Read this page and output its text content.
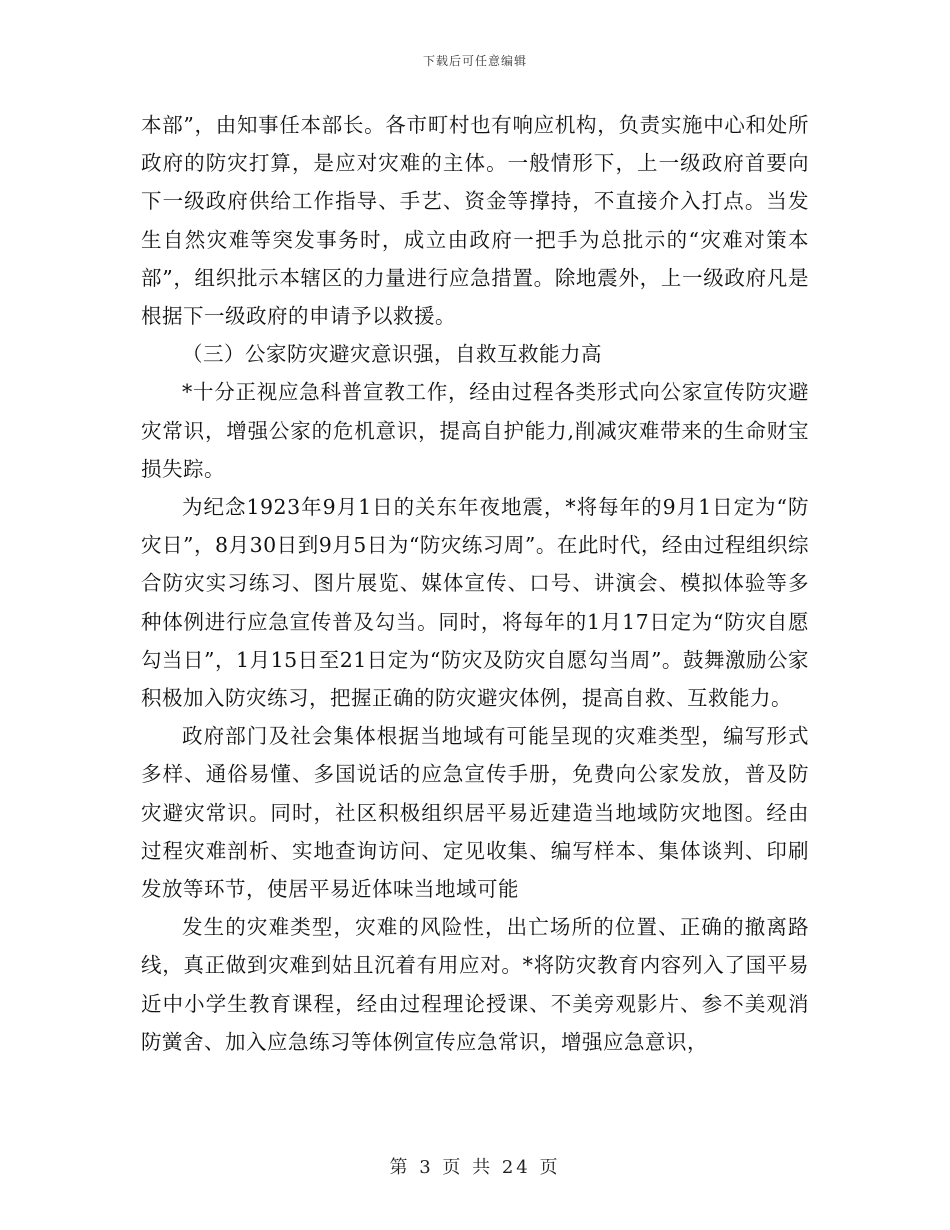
下载后可任意编辑

本部”，由知事任本部长。各市町村也有响应机构，负责实施中心和处所政府的防灾打算，是应对灾难的主体。一般情形下，上一级政府首要向下一级政府供给工作指导、手艺、资金等撑持，不直接介入打点。当发生自然灾难等突发事务时，成立由政府一把手为总批示的“灾难对策本部”，组织批示本辖区的力量进行应急措置。除地震外，上一级政府凡是根据下一级政府的申请予以救援。

（三）公家防灾避灾意识强，自救互救能力高

*十分正视应急科普宣教工作，经由过程各类形式向公家宣传防灾避灾常识，增强公家的危机意识，提高自护能力,削减灾难带来的生命财宝损失踪。

为纪念1923年9月1日的关东年夜地震，*将每年的9月1日定为“防灾日”，8月30日到9月5日为“防灾练习周”。在此时代，经由过程组织综合防灾实习练习、图片展览、媒体宣传、口号、讲演会、模拟体验等多种体例进行应急宣传普及勾当。同时，将每年的1月17日定为“防灾自愿勾当日”，1月15日至21日定为“防灾及防灾自愿勾当周”。鼓舞激励公家积极加入防灾练习，把握正确的防灾避灾体例，提高自救、互救能力。

政府部门及社会集体根据当地域有可能呈现的灾难类型，编写形式多样、通俗易懂、多国说话的应急宣传手册，免费向公家发放，普及防灾避灾常识。同时，社区积极组织居平易近建造当地域防灾地图。经由过程灾难剖析、实地查询访问、定见收集、编写样本、集体谈判、印刷发放等环节，使居平易近体味当地域可能

发生的灾难类型，灾难的风险性，出亡场所的位置、正确的撤离路线，真正做到灾难到姑且沉着有用应对。*将防灾教育内容列入了国平易近中小学生教育课程，经由过程理论授课、不美旁观影片、参不美观消防黉舍、加入应急练习等体例宣传应急常识，增强应急意识，

第 3 页 共 24 页
